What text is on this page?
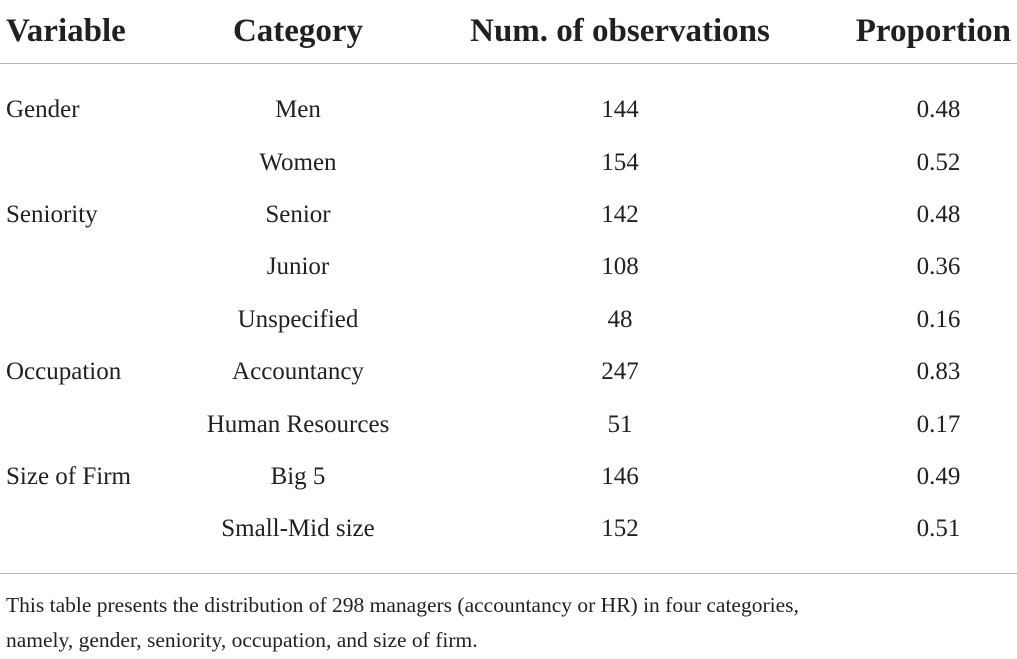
Variable	Category	Num. of observations	Proportion

Gender	Men	144	0.48
	Women	154	0.52
Seniority	Senior	142	0.48
	Junior	108	0.36
	Unspecified	48	0.16
Occupation	Accountancy	247	0.83
	Human Resources	51	0.17
Size of Firm	Big 5	146	0.49
	Small-Mid size	152	0.51

This table presents the distribution of 298 managers (accountancy or HR) in four categories,
namely, gender, seniority, occupation, and size of firm.
